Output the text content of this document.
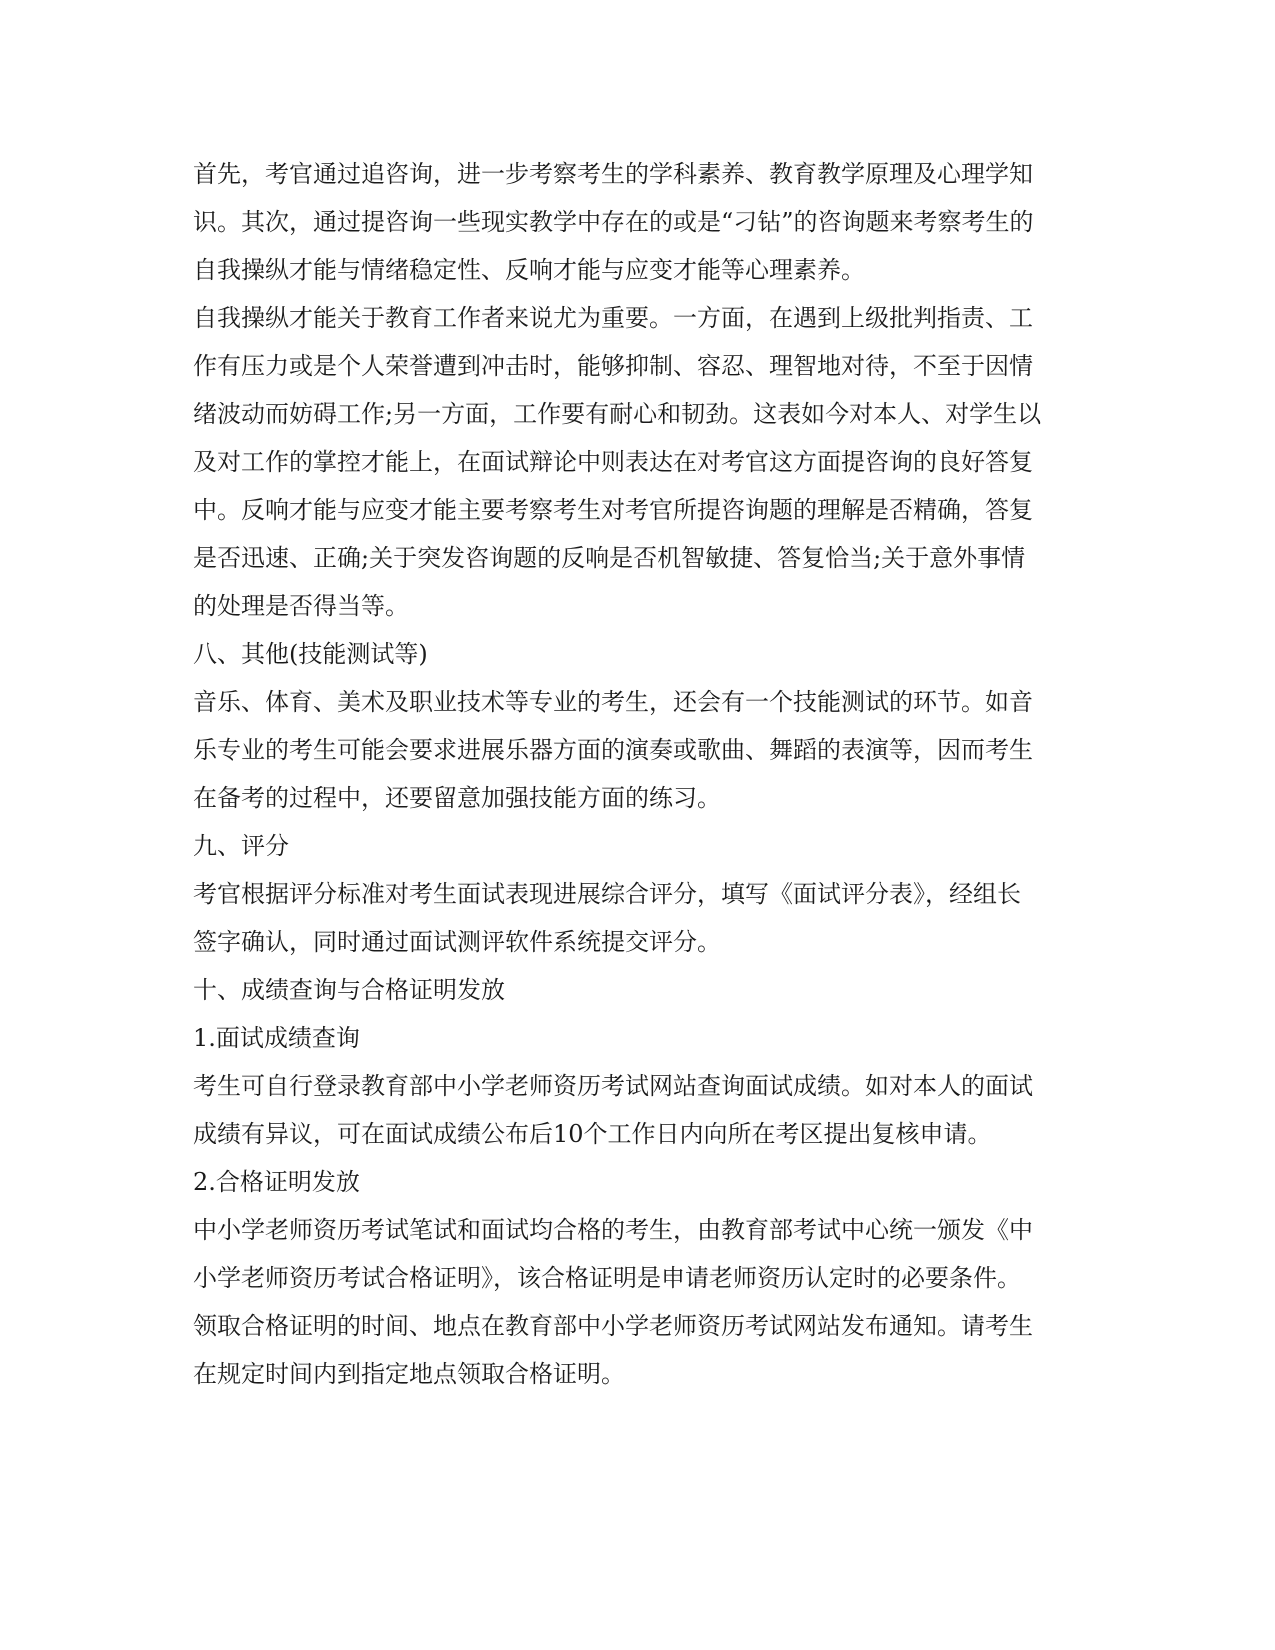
首先，考官通过追咨询，进一步考察考生的学科素养、教育教学原理及心理学知
识。其次，通过提咨询一些现实教学中存在的或是“刁钻”的咨询题来考察考生的
自我操纵才能与情绪稳定性、反响才能与应变才能等心理素养。
自我操纵才能关于教育工作者来说尤为重要。一方面，在遇到上级批判指责、工
作有压力或是个人荣誉遭到冲击时，能够抑制、容忍、理智地对待，不至于因情
绪波动而妨碍工作;另一方面，工作要有耐心和韧劲。这表如今对本人、对学生以
及对工作的掌控才能上，在面试辩论中则表达在对考官这方面提咨询的良好答复
中。反响才能与应变才能主要考察考生对考官所提咨询题的理解是否精确，答复
是否迅速、正确;关于突发咨询题的反响是否机智敏捷、答复恰当;关于意外事情
的处理是否得当等。
八、其他(技能测试等)
音乐、体育、美术及职业技术等专业的考生，还会有一个技能测试的环节。如音
乐专业的考生可能会要求进展乐器方面的演奏或歌曲、舞蹈的表演等，因而考生
在备考的过程中，还要留意加强技能方面的练习。
九、评分
考官根据评分标准对考生面试表现进展综合评分，填写《面试评分表》，经组长
签字确认，同时通过面试测评软件系统提交评分。
十、成绩查询与合格证明发放
1.面试成绩查询
考生可自行登录教育部中小学老师资历考试网站查询面试成绩。如对本人的面试
成绩有异议，可在面试成绩公布后10个工作日内向所在考区提出复核申请。
2.合格证明发放
中小学老师资历考试笔试和面试均合格的考生，由教育部考试中心统一颁发《中
小学老师资历考试合格证明》，该合格证明是申请老师资历认定时的必要条件。
领取合格证明的时间、地点在教育部中小学老师资历考试网站发布通知。请考生
在规定时间内到指定地点领取合格证明。
